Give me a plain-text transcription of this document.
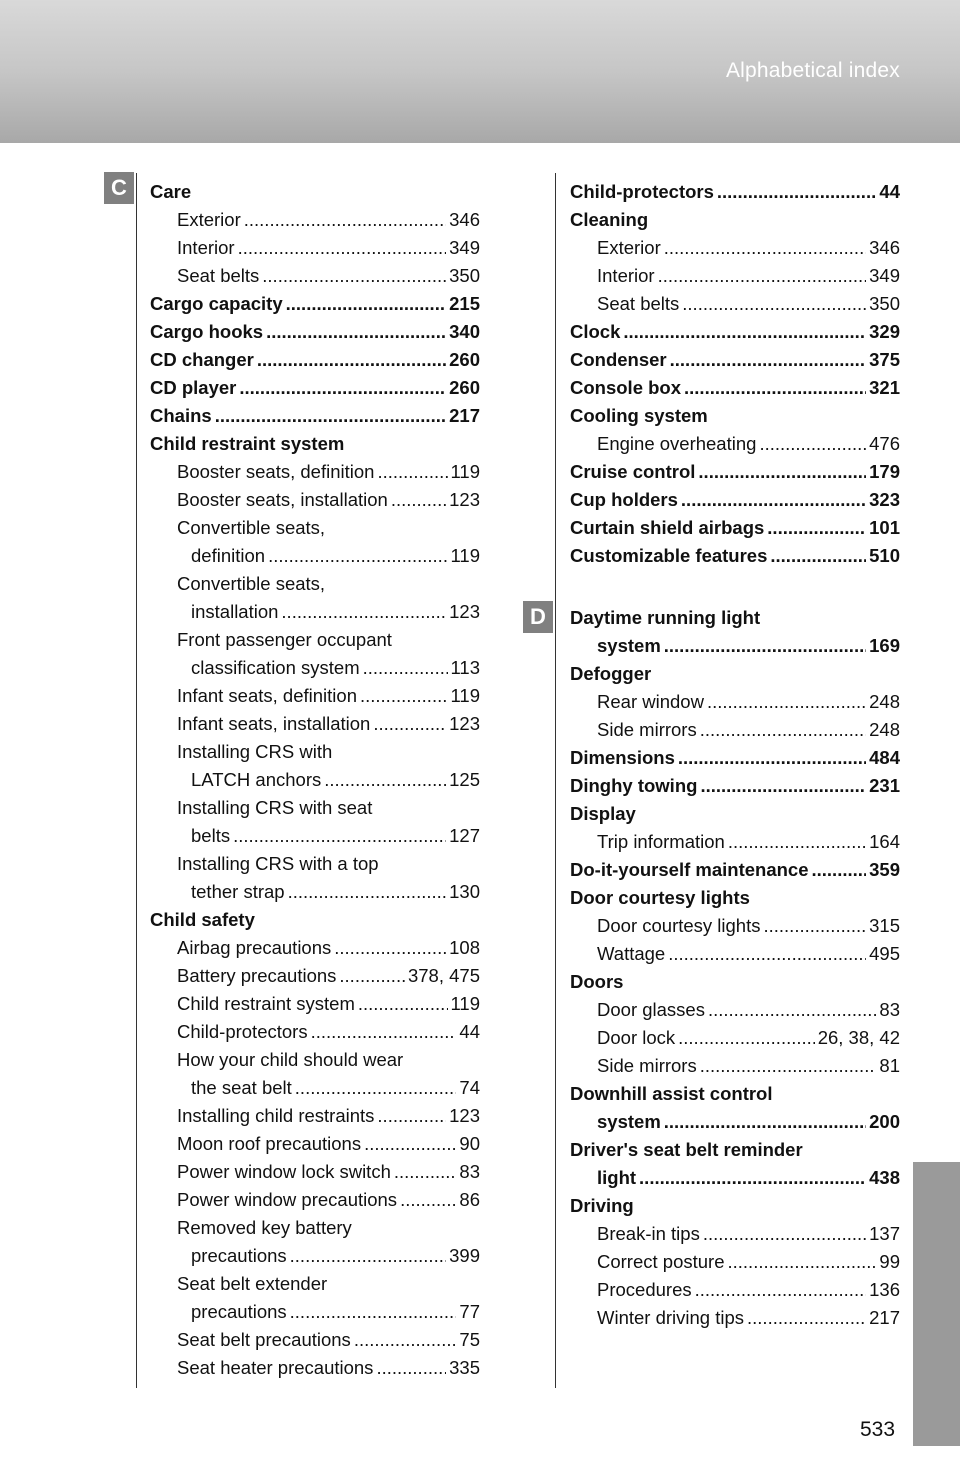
Alphabetical index
C
D
Care
Exterior .....	346
Interior .....	349
Seat belts .....	350
Cargo capacity .....	215
Cargo hooks .....	340
CD changer .....	260
CD player .....	260
Chains .....	217
Child restraint system
Booster seats, definition .....	119
Booster seats, installation .....	123
Convertible seats,
definition .....	119
Convertible seats,
installation .....	123
Front passenger occupant
classification system .....	113
Infant seats, definition .....	119
Infant seats, installation .....	123
Installing CRS with
LATCH anchors .....	125
Installing CRS with seat
belts .....	127
Installing CRS with a top
tether strap .....	130
Child safety
Airbag precautions .....	108
Battery precautions .....	378, 475
Child restraint system .....	119
Child-protectors .....	44
How your child should wear
the seat belt .....	74
Installing child restraints .....	123
Moon roof precautions .....	90
Power window lock switch .....	83
Power window precautions .....	86
Removed key battery
precautions .....	399
Seat belt extender
precautions .....	77
Seat belt precautions .....	75
Seat heater precautions .....	335
Child-protectors .....	44
Cleaning
Exterior .....	346
Interior .....	349
Seat belts .....	350
Clock .....	329
Condenser .....	375
Console box .....	321
Cooling system
Engine overheating .....	476
Cruise control .....	179
Cup holders .....	323
Curtain shield airbags .....	101
Customizable features .....	510
Daytime running light
system .....	169
Defogger
Rear window .....	248
Side mirrors .....	248
Dimensions .....	484
Dinghy towing .....	231
Display
Trip information .....	164
Do-it-yourself maintenance .....	359
Door courtesy lights
Door courtesy lights .....	315
Wattage .....	495
Doors
Door glasses .....	83
Door lock .....	26, 38, 42
Side mirrors .....	81
Downhill assist control
system .....	200
Driver's seat belt reminder
light .....	438
Driving
Break-in tips .....	137
Correct posture .....	99
Procedures .....	136
Winter driving tips .....	217
533
